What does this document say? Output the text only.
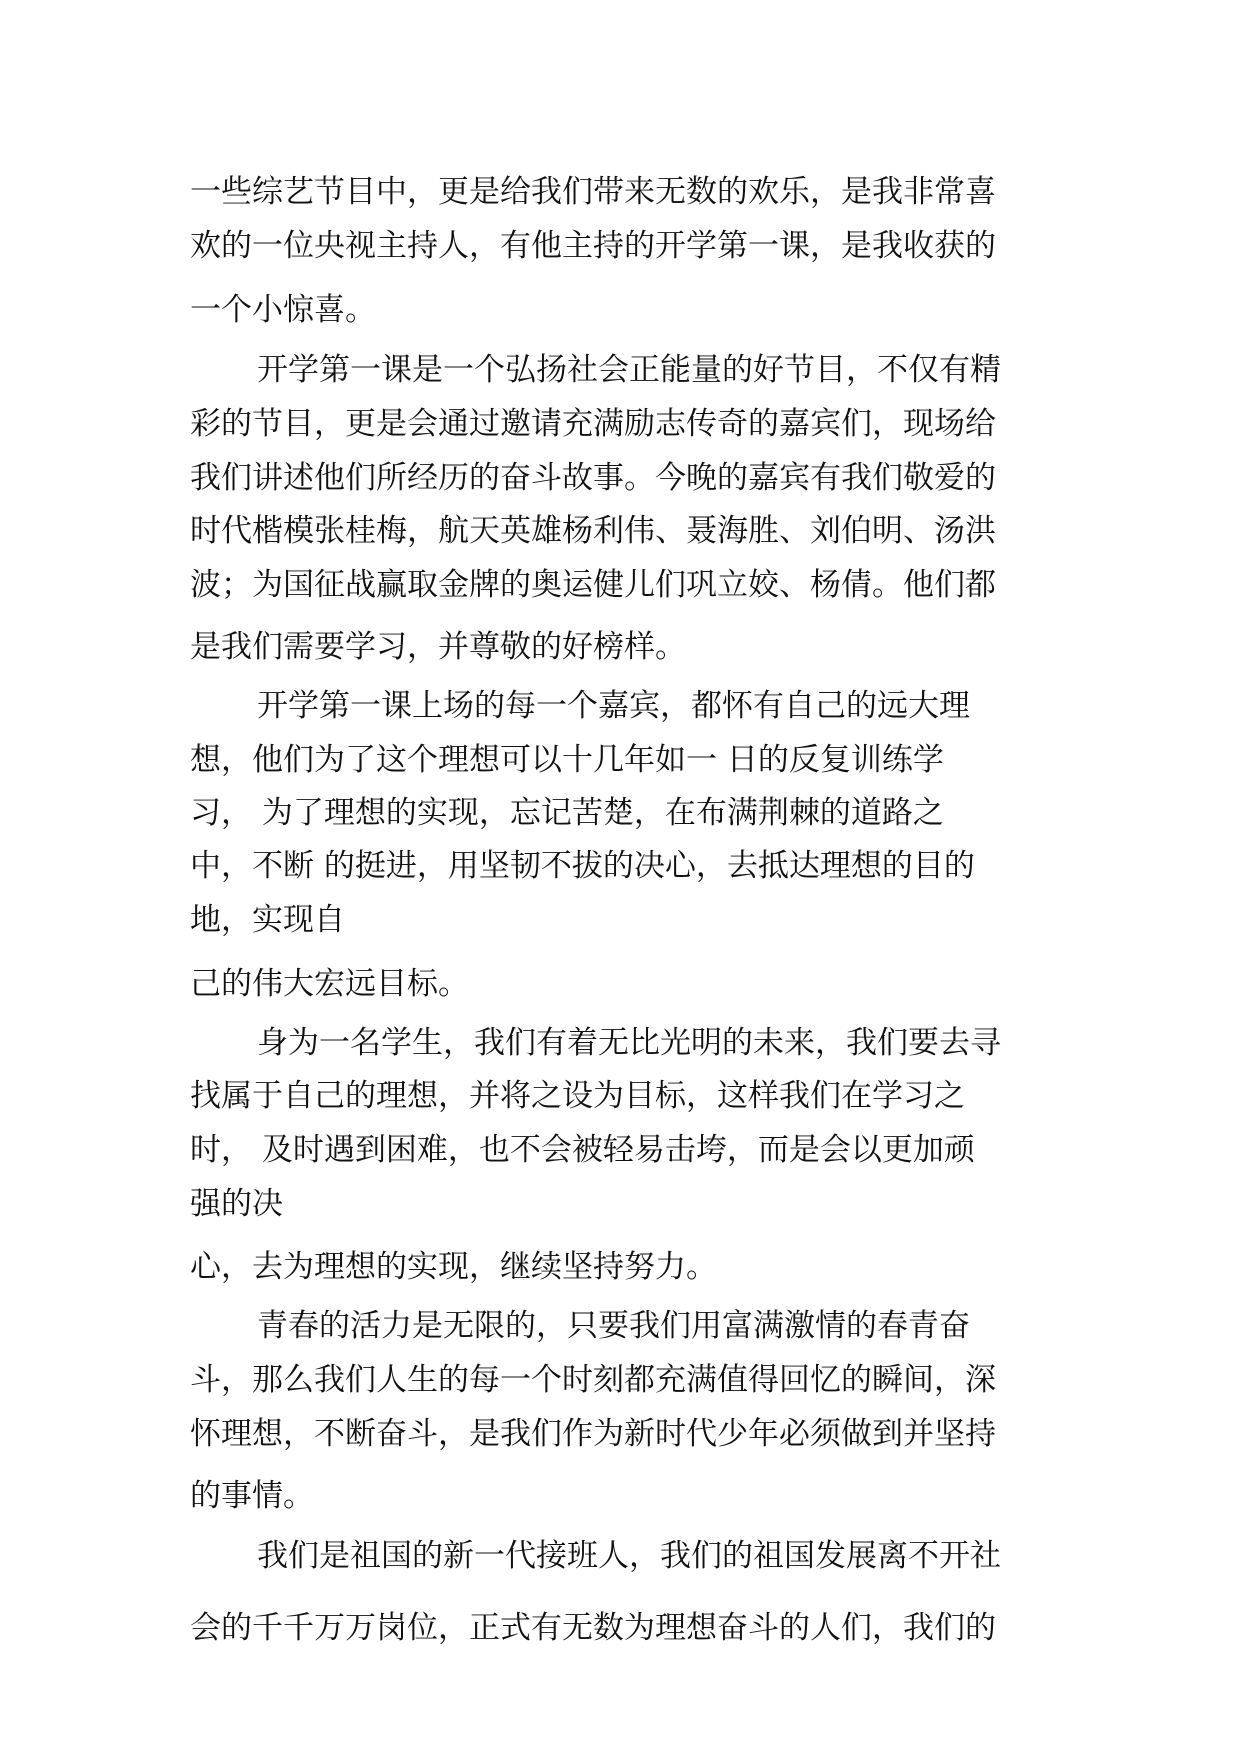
一些综艺节目中，更是给我们带来无数的欢乐，是我非常喜

欢的一位央视主持人，有他主持的开学第一课，是我收获的

一个小惊喜。

开学第一课是一个弘扬社会正能量的好节目，不仅有精

彩的节目，更是会通过邀请充满励志传奇的嘉宾们，现场给

我们讲述他们所经历的奋斗故事。今晚的嘉宾有我们敬爱的

时代楷模张桂梅，航天英雄杨利伟、聂海胜、刘伯明、汤洪

波；为国征战赢取金牌的奥运健儿们巩立姣、杨倩。他们都

是我们需要学习，并尊敬的好榜样。

开学第一课上场的每一个嘉宾，都怀有自己的远大理

想，他们为了这个理想可以十几年如一 日的反复训练学

习， 为了理想的实现，忘记苦楚，在布满荆棘的道路之

中，不断 的挺进，用坚韧不拔的决心，去抵达理想的目的

地，实现自

己的伟大宏远目标。

身为一名学生，我们有着无比光明的未来，我们要去寻

找属于自己的理想，并将之设为目标，这样我们在学习之

时， 及时遇到困难，也不会被轻易击垮，而是会以更加顽

强的决

心，去为理想的实现，继续坚持努力。

青春的活力是无限的，只要我们用富满激情的春青奋

斗，那么我们人生的每一个时刻都充满值得回忆的瞬间，深

怀理想，不断奋斗，是我们作为新时代少年必须做到并坚持

的事情。

我们是祖国的新一代接班人，我们的祖国发展离不开社

会的千千万万岗位，正式有无数为理想奋斗的人们，我们的
